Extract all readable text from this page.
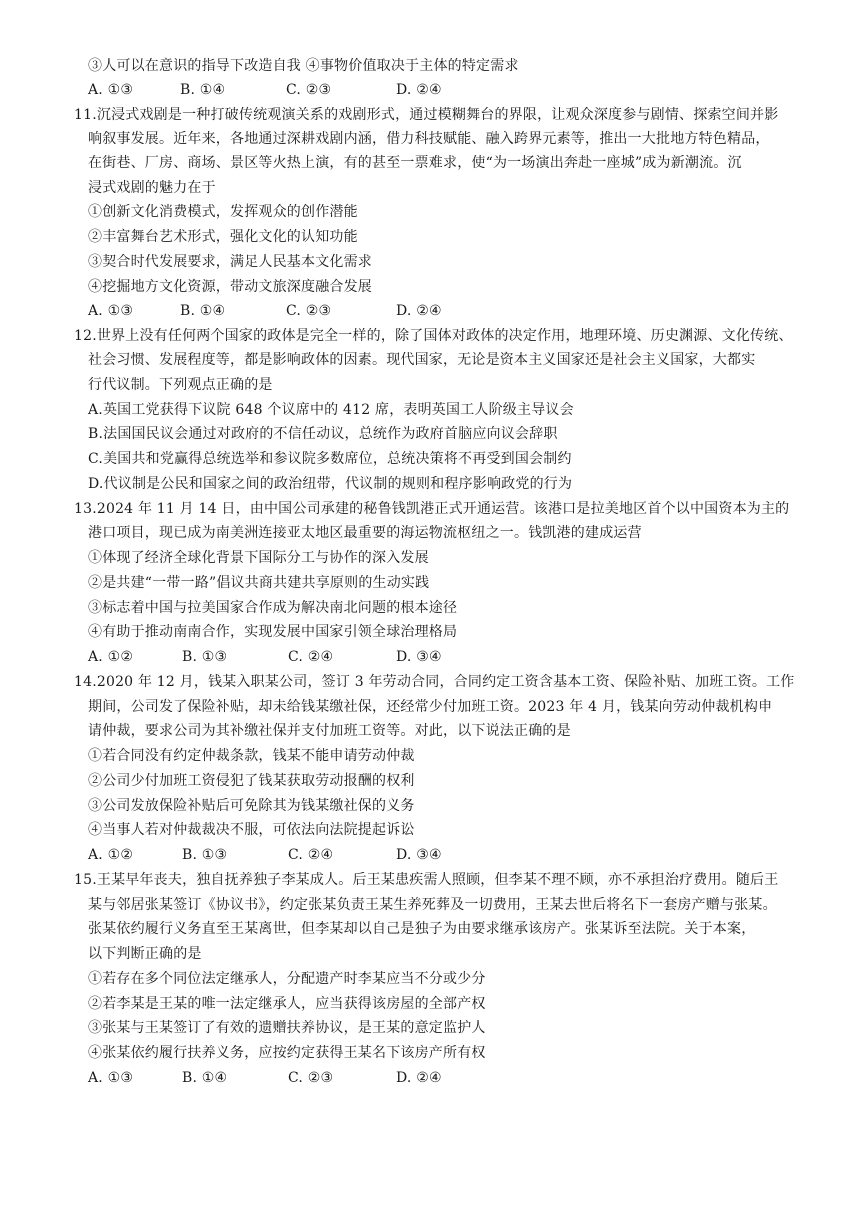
③人可以在意识的指导下改造自我 ④事物价值取决于主体的特定需求
A. ①③	B. ①④	C. ②③	D. ②④
11.沉浸式戏剧是一种打破传统观演关系的戏剧形式，通过模糊舞台的界限，让观众深度参与剧情、探索空间并影
响叙事发展。近年来，各地通过深耕戏剧内涵，借力科技赋能、融入跨界元素等，推出一大批地方特色精品，
在街巷、厂房、商场、景区等火热上演，有的甚至一票难求，使“为一场演出奔赴一座城”成为新潮流。沉
浸式戏剧的魅力在于
①创新文化消费模式，发挥观众的创作潜能
②丰富舞台艺术形式，强化文化的认知功能
③契合时代发展要求，满足人民基本文化需求
④挖掘地方文化资源，带动文旅深度融合发展
A. ①③	B. ①④	C. ②③	D. ②④
12.世界上没有任何两个国家的政体是完全一样的，除了国体对政体的决定作用，地理环境、历史渊源、文化传统、
社会习惯、发展程度等，都是影响政体的因素。现代国家，无论是资本主义国家还是社会主义国家，大都实
行代议制。下列观点正确的是
A.英国工党获得下议院 648 个议席中的 412 席，表明英国工人阶级主导议会
B.法国国民议会通过对政府的不信任动议，总统作为政府首脑应向议会辞职
C.美国共和党赢得总统选举和参议院多数席位，总统决策将不再受到国会制约
D.代议制是公民和国家之间的政治纽带，代议制的规则和程序影响政党的行为
13.2024 年 11 月 14 日，由中国公司承建的秘鲁钱凯港正式开通运营。该港口是拉美地区首个以中国资本为主的
港口项目，现已成为南美洲连接亚太地区最重要的海运物流枢纽之一。钱凯港的建成运营
①体现了经济全球化背景下国际分工与协作的深入发展
②是共建“一带一路”倡议共商共建共享原则的生动实践
③标志着中国与拉美国家合作成为解决南北问题的根本途径
④有助于推动南南合作，实现发展中国家引领全球治理格局
A. ①②	B. ①③	C. ②④	D. ③④
14.2020 年 12 月，钱某入职某公司，签订 3 年劳动合同，合同约定工资含基本工资、保险补贴、加班工资。工作
期间，公司发了保险补贴，却未给钱某缴社保，还经常少付加班工资。2023 年 4 月，钱某向劳动仲裁机构申
请仲裁，要求公司为其补缴社保并支付加班工资等。对此，以下说法正确的是
①若合同没有约定仲裁条款，钱某不能申请劳动仲裁
②公司少付加班工资侵犯了钱某获取劳动报酬的权利
③公司发放保险补贴后可免除其为钱某缴社保的义务
④当事人若对仲裁裁决不服，可依法向法院提起诉讼
A. ①②	B. ①③	C. ②④	D. ③④
15.王某早年丧夫，独自抚养独子李某成人。后王某患疾需人照顾，但李某不理不顾，亦不承担治疗费用。随后王
某与邻居张某签订《协议书》，约定张某负责王某生养死葬及一切费用，王某去世后将名下一套房产赠与张某。
张某依约履行义务直至王某离世，但李某却以自己是独子为由要求继承该房产。张某诉至法院。关于本案，
以下判断正确的是
①若存在多个同位法定继承人，分配遗产时李某应当不分或少分
②若李某是王某的唯一法定继承人，应当获得该房屋的全部产权
③张某与王某签订了有效的遗赠扶养协议，是王某的意定监护人
④张某依约履行扶养义务，应按约定获得王某名下该房产所有权
A. ①③	B. ①④	C. ②③	D. ②④
